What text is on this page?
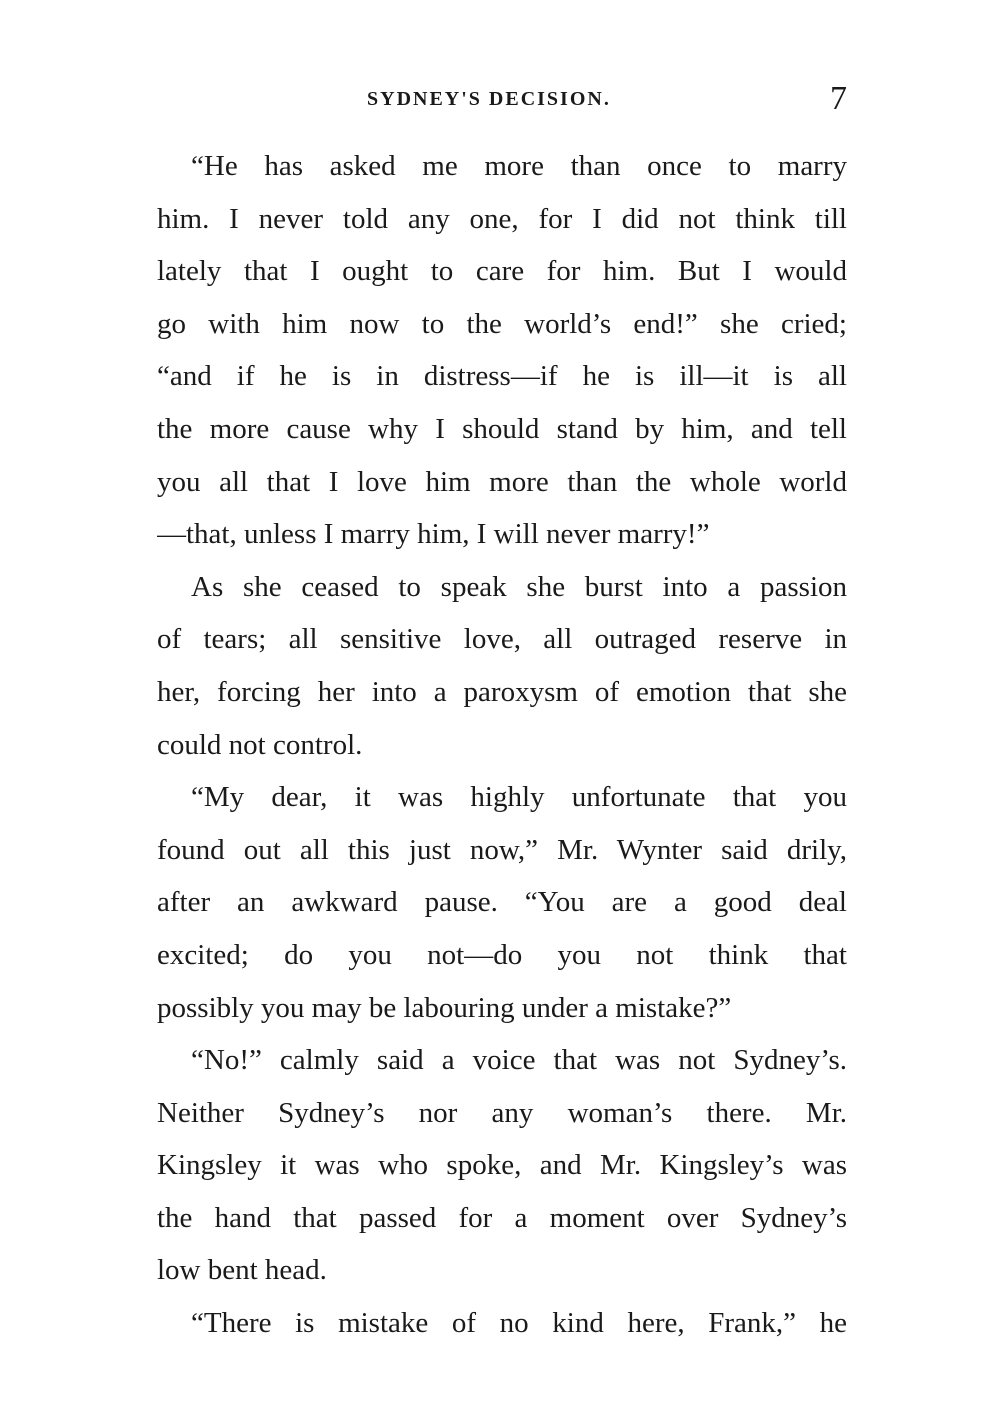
SYDNEY'S DECISION.	7
“He has asked me more than once to marry
him. I never told any one, for I did not think till
lately that I ought to care for him. But I would
go with him now to the world’s end!” she cried;
“and if he is in distress—if he is ill—it is all
the more cause why I should stand by him, and tell
you all that I love him more than the whole world
—that, unless I marry him, I will never marry!”
As she ceased to speak she burst into a passion
of tears; all sensitive love, all outraged reserve in
her, forcing her into a paroxysm of emotion that she
could not control.
“My dear, it was highly unfortunate that you
found out all this just now,” Mr. Wynter said drily,
after an awkward pause. “You are a good deal
excited; do you not—do you not think that
possibly you may be labouring under a mistake?”
“No!” calmly said a voice that was not Sydney’s.
Neither Sydney’s nor any woman’s there. Mr.
Kingsley it was who spoke, and Mr. Kingsley’s was
the hand that passed for a moment over Sydney’s
low bent head.
“There is mistake of no kind here, Frank,” he
